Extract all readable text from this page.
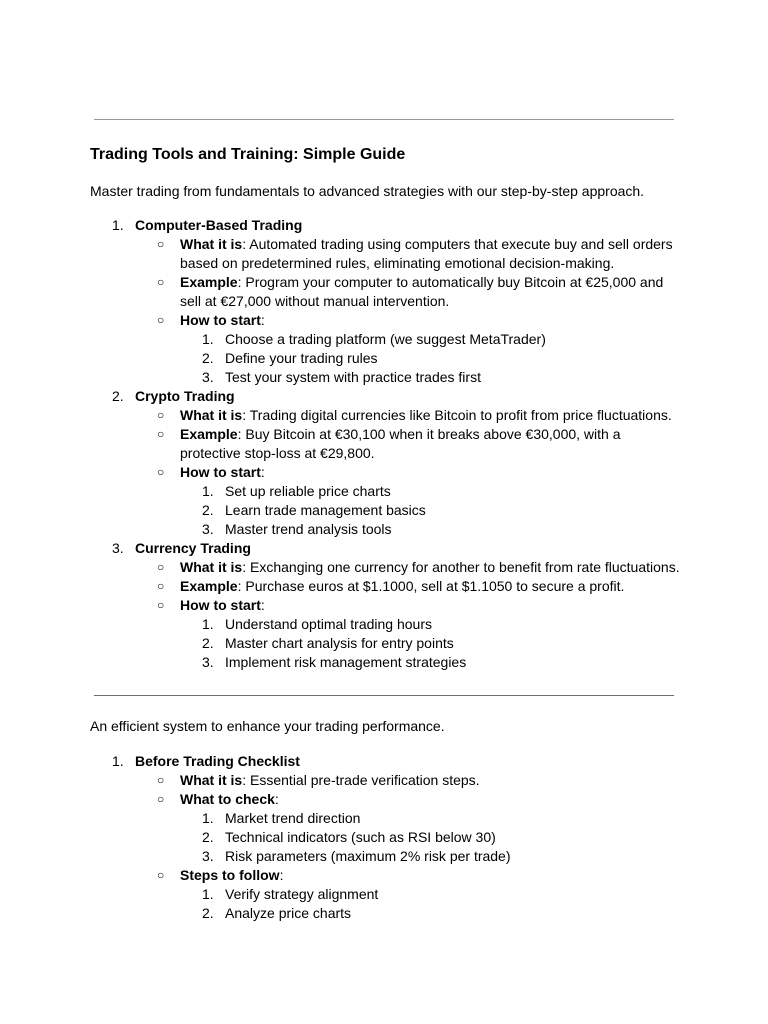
Trading Tools and Training: Simple Guide

Master trading from fundamentals to advanced strategies with our step-by-step approach.

1. Computer-Based Trading
○ What it is: Automated trading using computers that execute buy and sell orders based on predetermined rules, eliminating emotional decision-making.
○ Example: Program your computer to automatically buy Bitcoin at €25,000 and sell at €27,000 without manual intervention.
○ How to start:
1. Choose a trading platform (we suggest MetaTrader)
2. Define your trading rules
3. Test your system with practice trades first
2. Crypto Trading
○ What it is: Trading digital currencies like Bitcoin to profit from price fluctuations.
○ Example: Buy Bitcoin at €30,100 when it breaks above €30,000, with a protective stop-loss at €29,800.
○ How to start:
1. Set up reliable price charts
2. Learn trade management basics
3. Master trend analysis tools
3. Currency Trading
○ What it is: Exchanging one currency for another to benefit from rate fluctuations.
○ Example: Purchase euros at $1.1000, sell at $1.1050 to secure a profit.
○ How to start:
1. Understand optimal trading hours
2. Master chart analysis for entry points
3. Implement risk management strategies

An efficient system to enhance your trading performance.

1. Before Trading Checklist
○ What it is: Essential pre-trade verification steps.
○ What to check:
1. Market trend direction
2. Technical indicators (such as RSI below 30)
3. Risk parameters (maximum 2% risk per trade)
○ Steps to follow:
1. Verify strategy alignment
2. Analyze price charts
